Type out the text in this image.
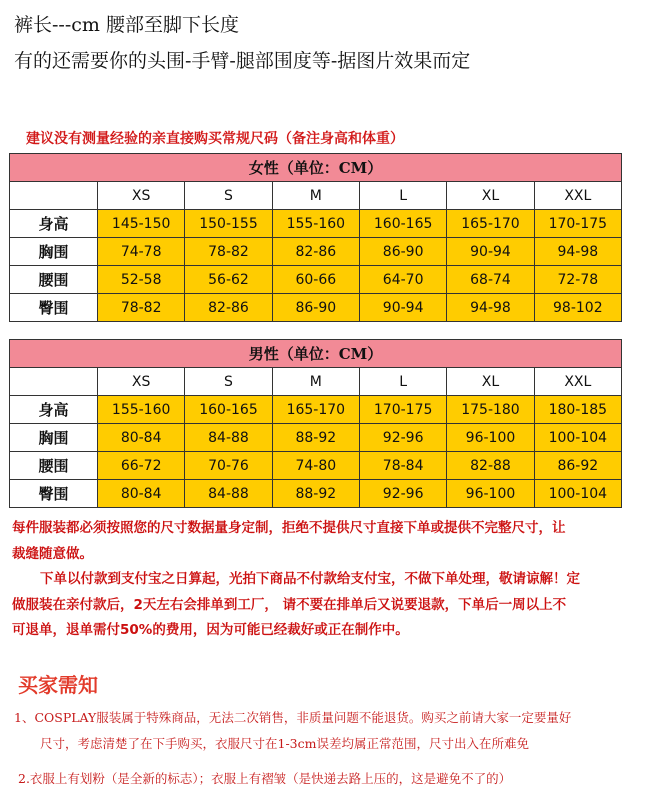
裤长---cm 腰部至脚下长度
有的还需要你的头围-手臂-腿部围度等-据图片效果而定
建议没有测量经验的亲直接购买常规尺码（备注身高和体重）
女性（单位：CM）						
	XS	S	M	L	XL	XXL
身高	145-150	150-155	155-160	160-165	165-170	170-175
胸围	74-78	78-82	82-86	86-90	90-94	94-98
腰围	52-58	56-62	60-66	64-70	68-74	72-78
臀围	78-82	82-86	86-90	90-94	94-98	98-102
男性（单位：CM）						
	XS	S	M	L	XL	XXL
身高	155-160	160-165	165-170	170-175	175-180	180-185
胸围	80-84	84-88	88-92	92-96	96-100	100-104
腰围	66-72	70-76	74-80	78-84	82-88	86-92
臀围	80-84	84-88	88-92	92-96	96-100	100-104
每件服装都必须按照您的尺寸数据量身定制，拒绝不提供尺寸直接下单或提供不完整尺寸，让
裁缝随意做。
下单以付款到支付宝之日算起，光拍下商品不付款给支付宝，不做下单处理，敬请谅解！定
做服装在亲付款后，2天左右会排单到工厂， 请不要在排单后又说要退款，下单后一周以上不
可退单，退单需付50%的费用，因为可能已经裁好或正在制作中。
买家需知
1、COSPLAY服装属于特殊商品，无法二次销售，非质量问题不能退货。购买之前请大家一定要量好
尺寸，考虑清楚了在下手购买，衣服尺寸在1-3cm误差均属正常范围，尺寸出入在所难免
2.衣服上有划粉（是全新的标志）；衣服上有褶皱（是快递去路上压的，这是避免不了的）
